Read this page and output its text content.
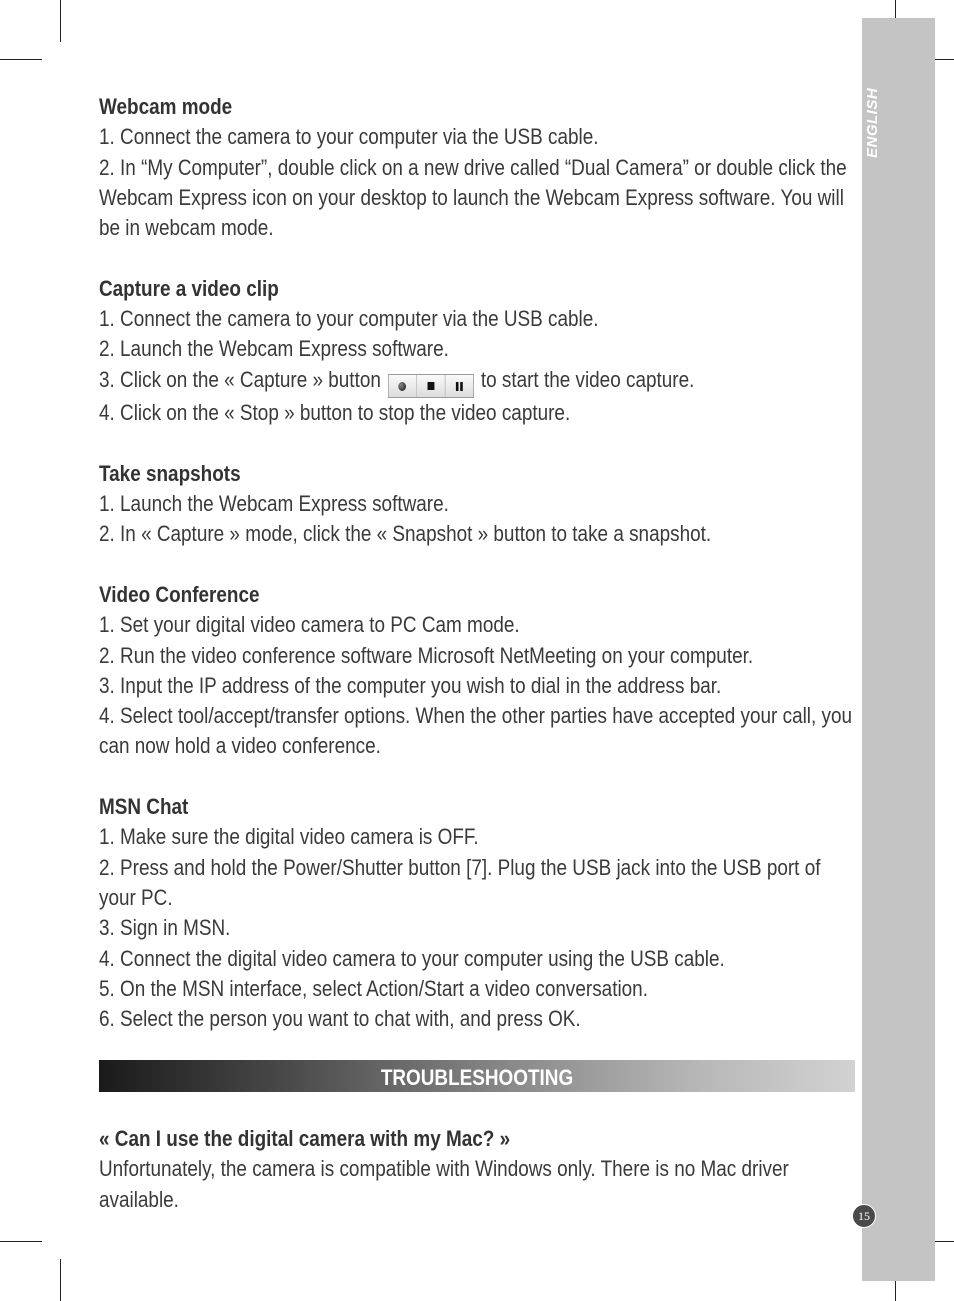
ENGLISH
Webcam mode
1. Connect the camera to your computer via the USB cable.
2. In “My Computer”, double click on a new drive called “Dual Camera” or double click the Webcam Express icon on your desktop to launch the Webcam Express software. You will be in webcam mode.
Capture a video clip
1. Connect the camera to your computer via the USB cable.
2. Launch the Webcam Express software.
3. Click on the « Capture » button	to start the video capture.
4. Click on the « Stop » button to stop the video capture.
Take snapshots
1. Launch the Webcam Express software.
2. In « Capture » mode, click the « Snapshot » button to take a snapshot.
Video Conference
1. Set your digital video camera to PC Cam mode.
2. Run the video conference software Microsoft NetMeeting on your computer.
3. Input the IP address of the computer you wish to dial in the address bar.
4. Select tool/accept/transfer options. When the other parties have accepted your call, you can now hold a video conference.
MSN Chat
1. Make sure the digital video camera is OFF.
2. Press and hold the Power/Shutter button [7]. Plug the USB jack into the USB port of your PC.
3. Sign in MSN.
4. Connect the digital video camera to your computer using the USB cable.
5. On the MSN interface, select Action/Start a video conversation.
6. Select the person you want to chat with, and press OK.
TROUBLESHOOTING
« Can I use the digital camera with my Mac? »
Unfortunately, the camera is compatible with Windows only. There is no Mac driver available.
15
